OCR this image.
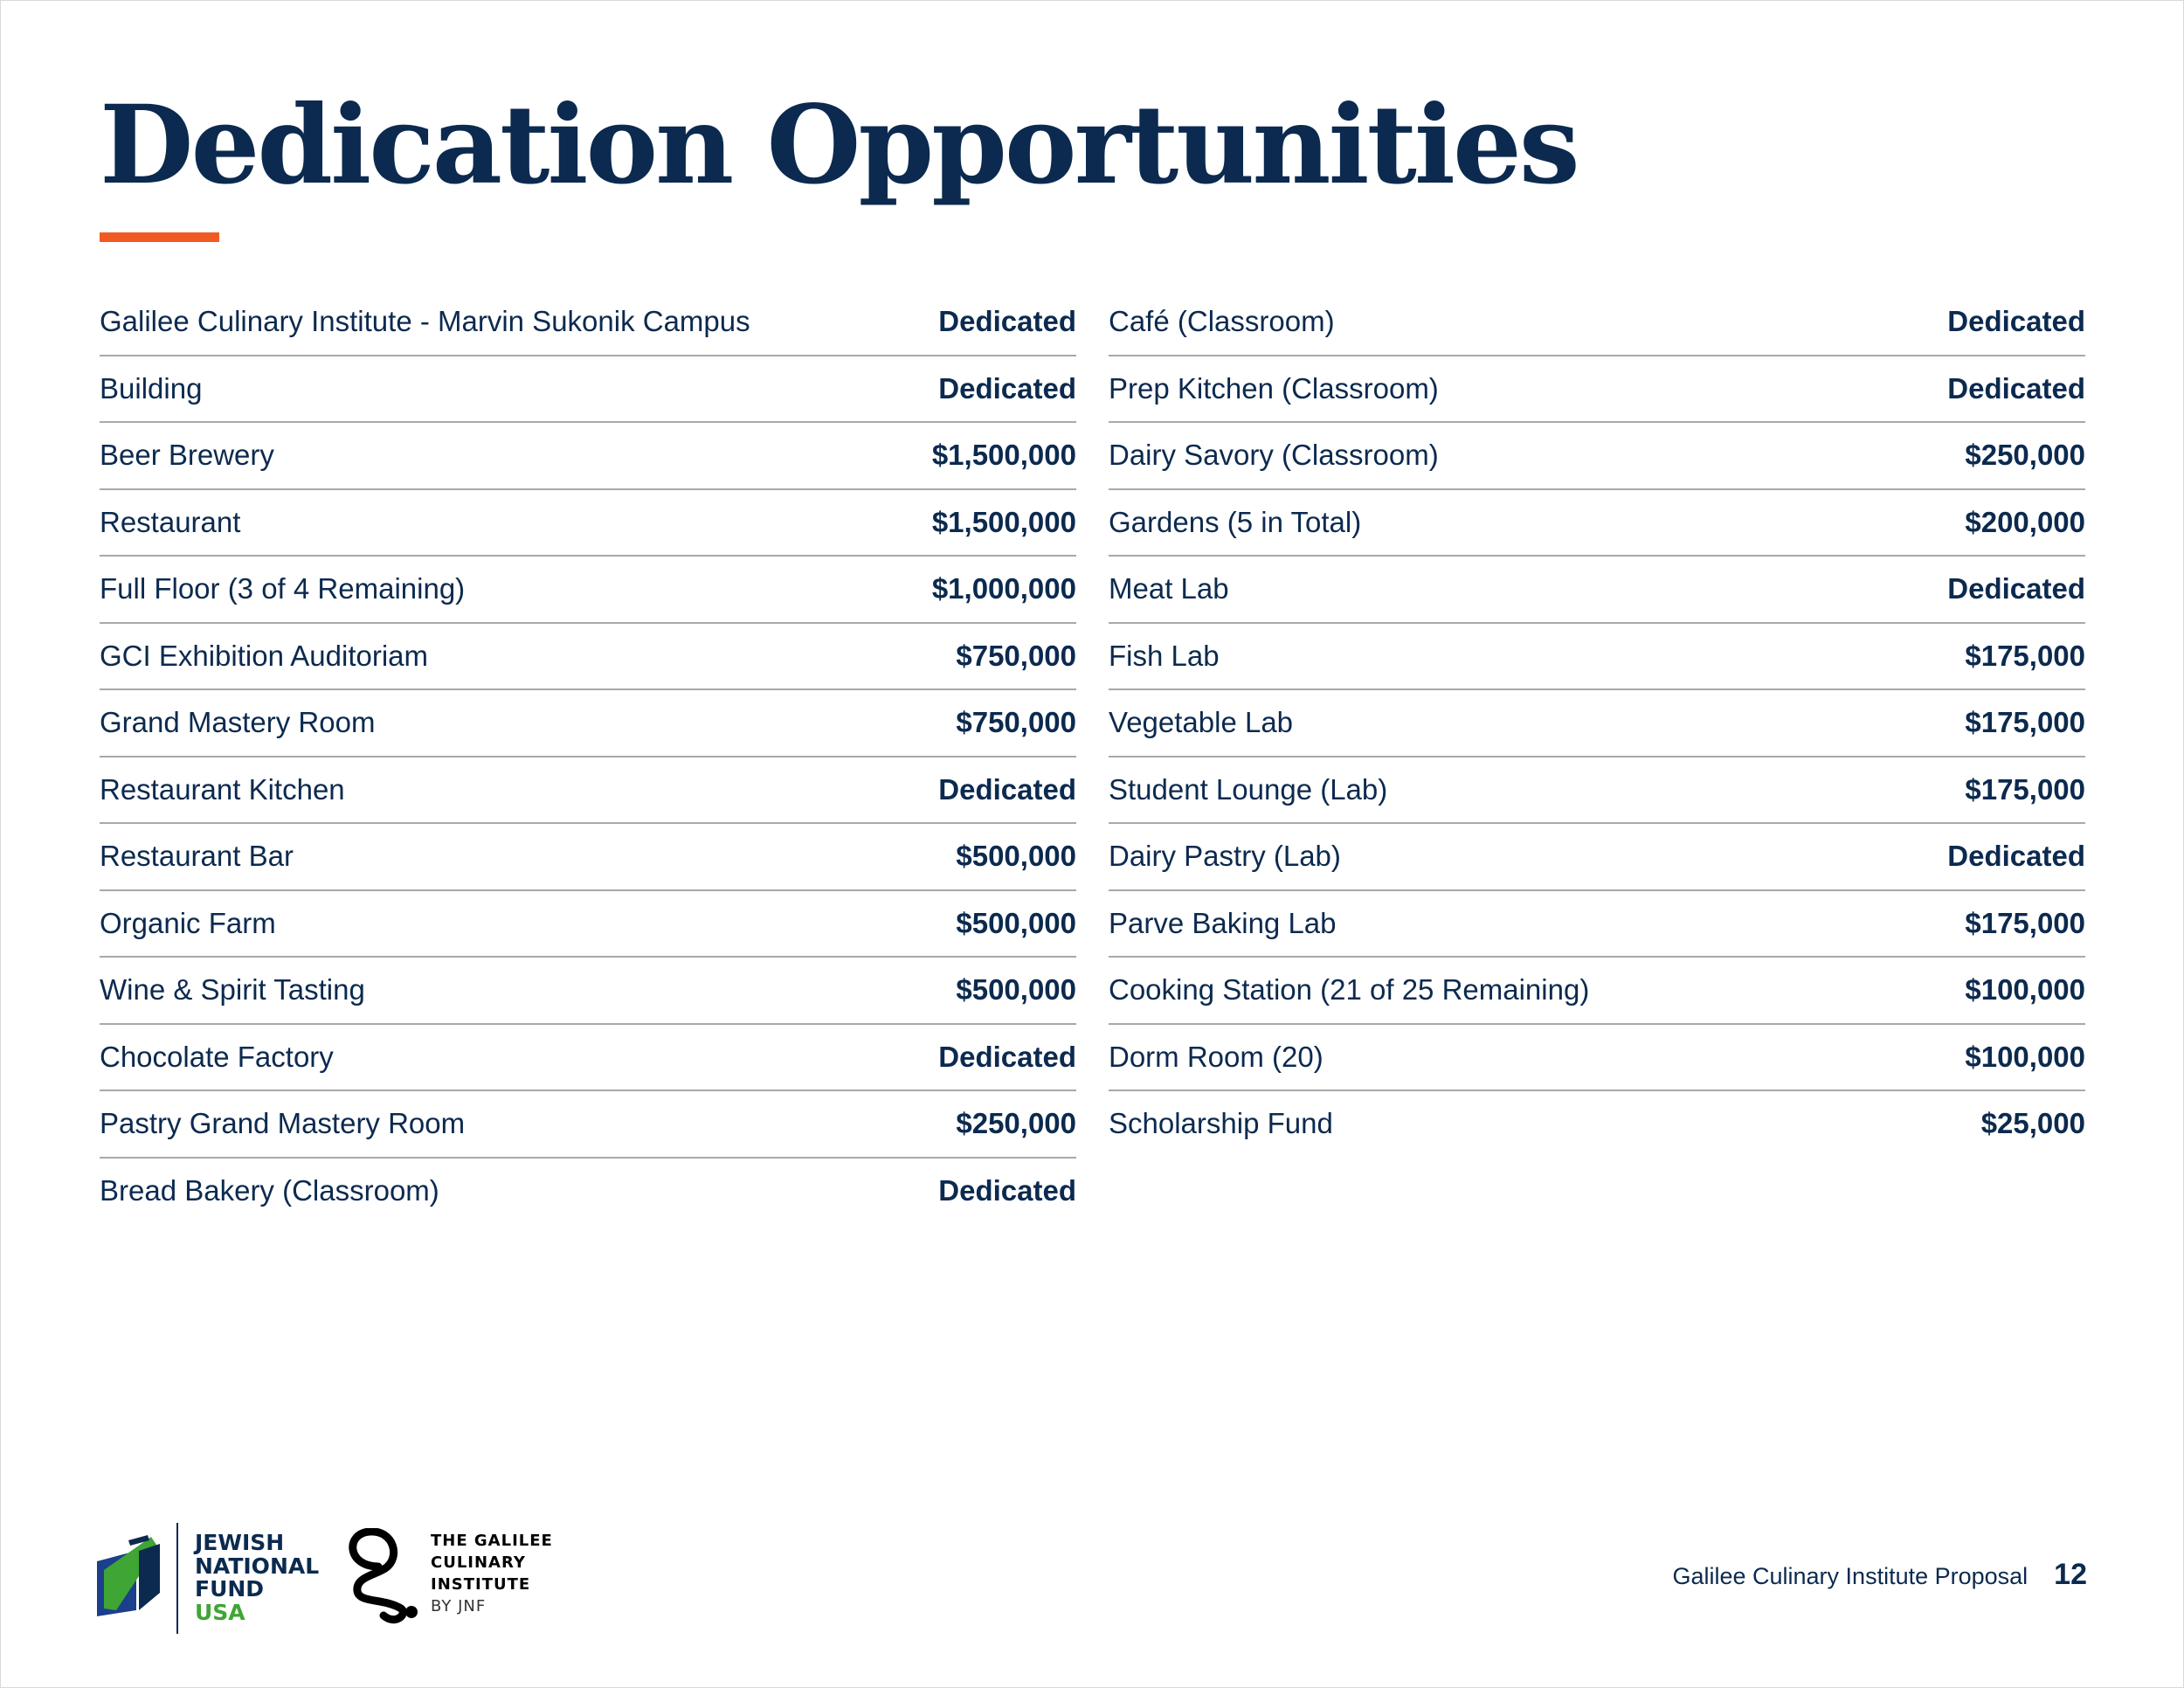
Dedication Opportunities
Galilee Culinary Institute - Marvin Sukonik Campus	Dedicated
Building	Dedicated
Beer Brewery	$1,500,000
Restaurant	$1,500,000
Full Floor (3 of 4 Remaining)	$1,000,000
GCI Exhibition Auditoriam	$750,000
Grand Mastery Room	$750,000
Restaurant Kitchen	Dedicated
Restaurant Bar	$500,000
Organic Farm	$500,000
Wine & Spirit Tasting	$500,000
Chocolate Factory	Dedicated
Pastry Grand Mastery Room	$250,000
Bread Bakery (Classroom)	Dedicated
Café (Classroom)	Dedicated
Prep Kitchen (Classroom)	Dedicated
Dairy Savory (Classroom)	$250,000
Gardens (5 in Total)	$200,000
Meat Lab	Dedicated
Fish Lab	$175,000
Vegetable Lab	$175,000
Student Lounge (Lab)	$175,000
Dairy Pastry (Lab)	Dedicated
Parve Baking Lab	$175,000
Cooking Station (21 of 25 Remaining)	$100,000
Dorm Room (20)	$100,000
Scholarship Fund	$25,000
JEWISH
NATIONAL
FUND
USA
THE GALILEE
CULINARY
INSTITUTE
BY JNF
Galilee Culinary Institute Proposal 12
